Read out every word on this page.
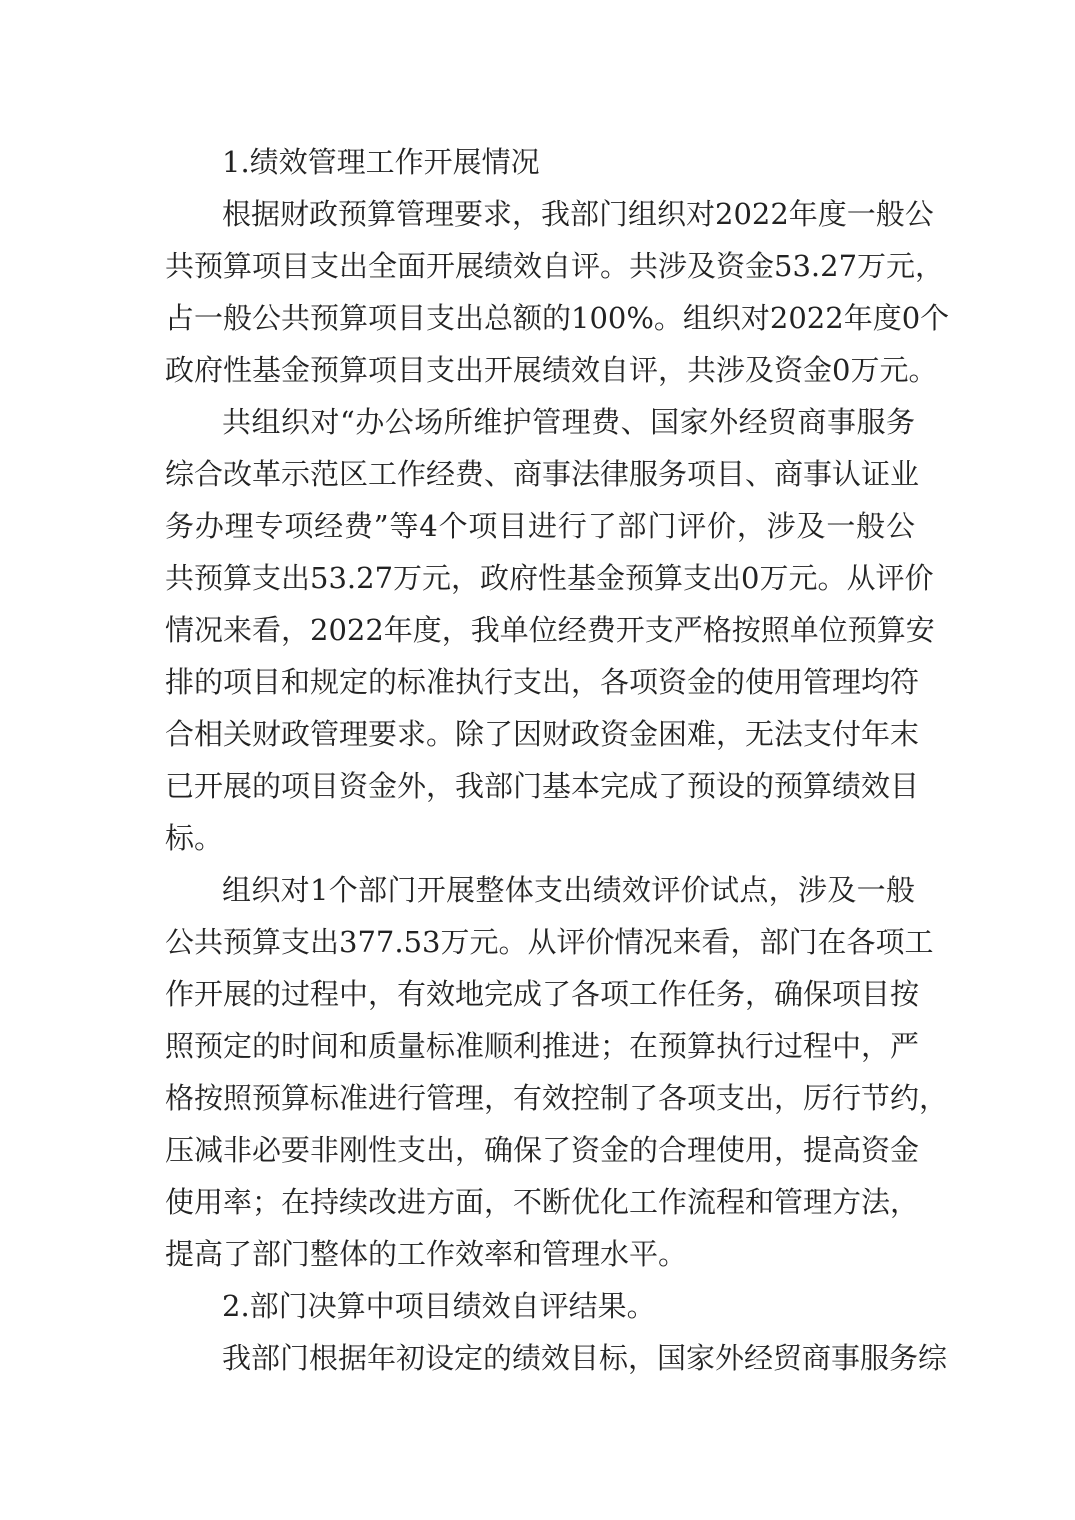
1.绩效管理工作开展情况

根据财政预算管理要求，我部门组织对2022年度一般公

共预算项目支出全面开展绩效自评。共涉及资金53.27万元，

占一般公共预算项目支出总额的100%。组织对2022年度0个

政府性基金预算项目支出开展绩效自评，共涉及资金0万元。

共组织对“办公场所维护管理费、国家外经贸商事服务

综合改革示范区工作经费、商事法律服务项目、商事认证业

务办理专项经费”等4个项目进行了部门评价，涉及一般公

共预算支出53.27万元，政府性基金预算支出0万元。从评价

情况来看，2022年度，我单位经费开支严格按照单位预算安

排的项目和规定的标准执行支出，各项资金的使用管理均符

合相关财政管理要求。除了因财政资金困难，无法支付年末

已开展的项目资金外，我部门基本完成了预设的预算绩效目

标。

组织对1个部门开展整体支出绩效评价试点，涉及一般

公共预算支出377.53万元。从评价情况来看，部门在各项工

作开展的过程中，有效地完成了各项工作任务，确保项目按

照预定的时间和质量标准顺利推进；在预算执行过程中，严

格按照预算标准进行管理，有效控制了各项支出，厉行节约，

压减非必要非刚性支出，确保了资金的合理使用，提高资金

使用率；在持续改进方面，不断优化工作流程和管理方法，

提高了部门整体的工作效率和管理水平。

2.部门决算中项目绩效自评结果。

我部门根据年初设定的绩效目标，国家外经贸商事服务综
